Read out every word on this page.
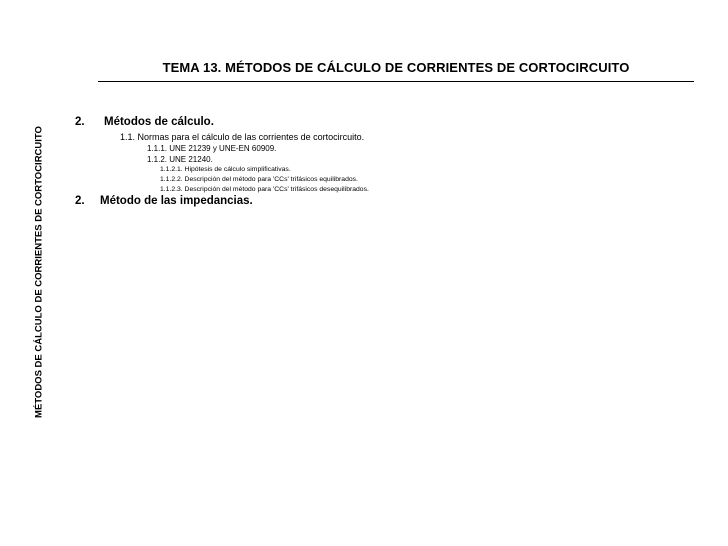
MÉTODOS DE CÁLCULO DE CORRIENTES DE CORTOCIRCUITO
TEMA 13. MÉTODOS DE CÁLCULO DE CORRIENTES DE CORTOCIRCUITO
2. Métodos de cálculo.
1.1. Normas para el cálculo de las corrientes de cortocircuito.
1.1.1. UNE 21239 y UNE-EN 60909.
1.1.2. UNE 21240.
1.1.2.1. Hipótesis de cálculo simplificativas.
1.1.2.2. Descripción del método para 'CCs' trifásicos equilibrados.
1.1.2.3. Descripción del método para 'CCs' trifásicos desequilibrados.
2. Método de las impedancias.
